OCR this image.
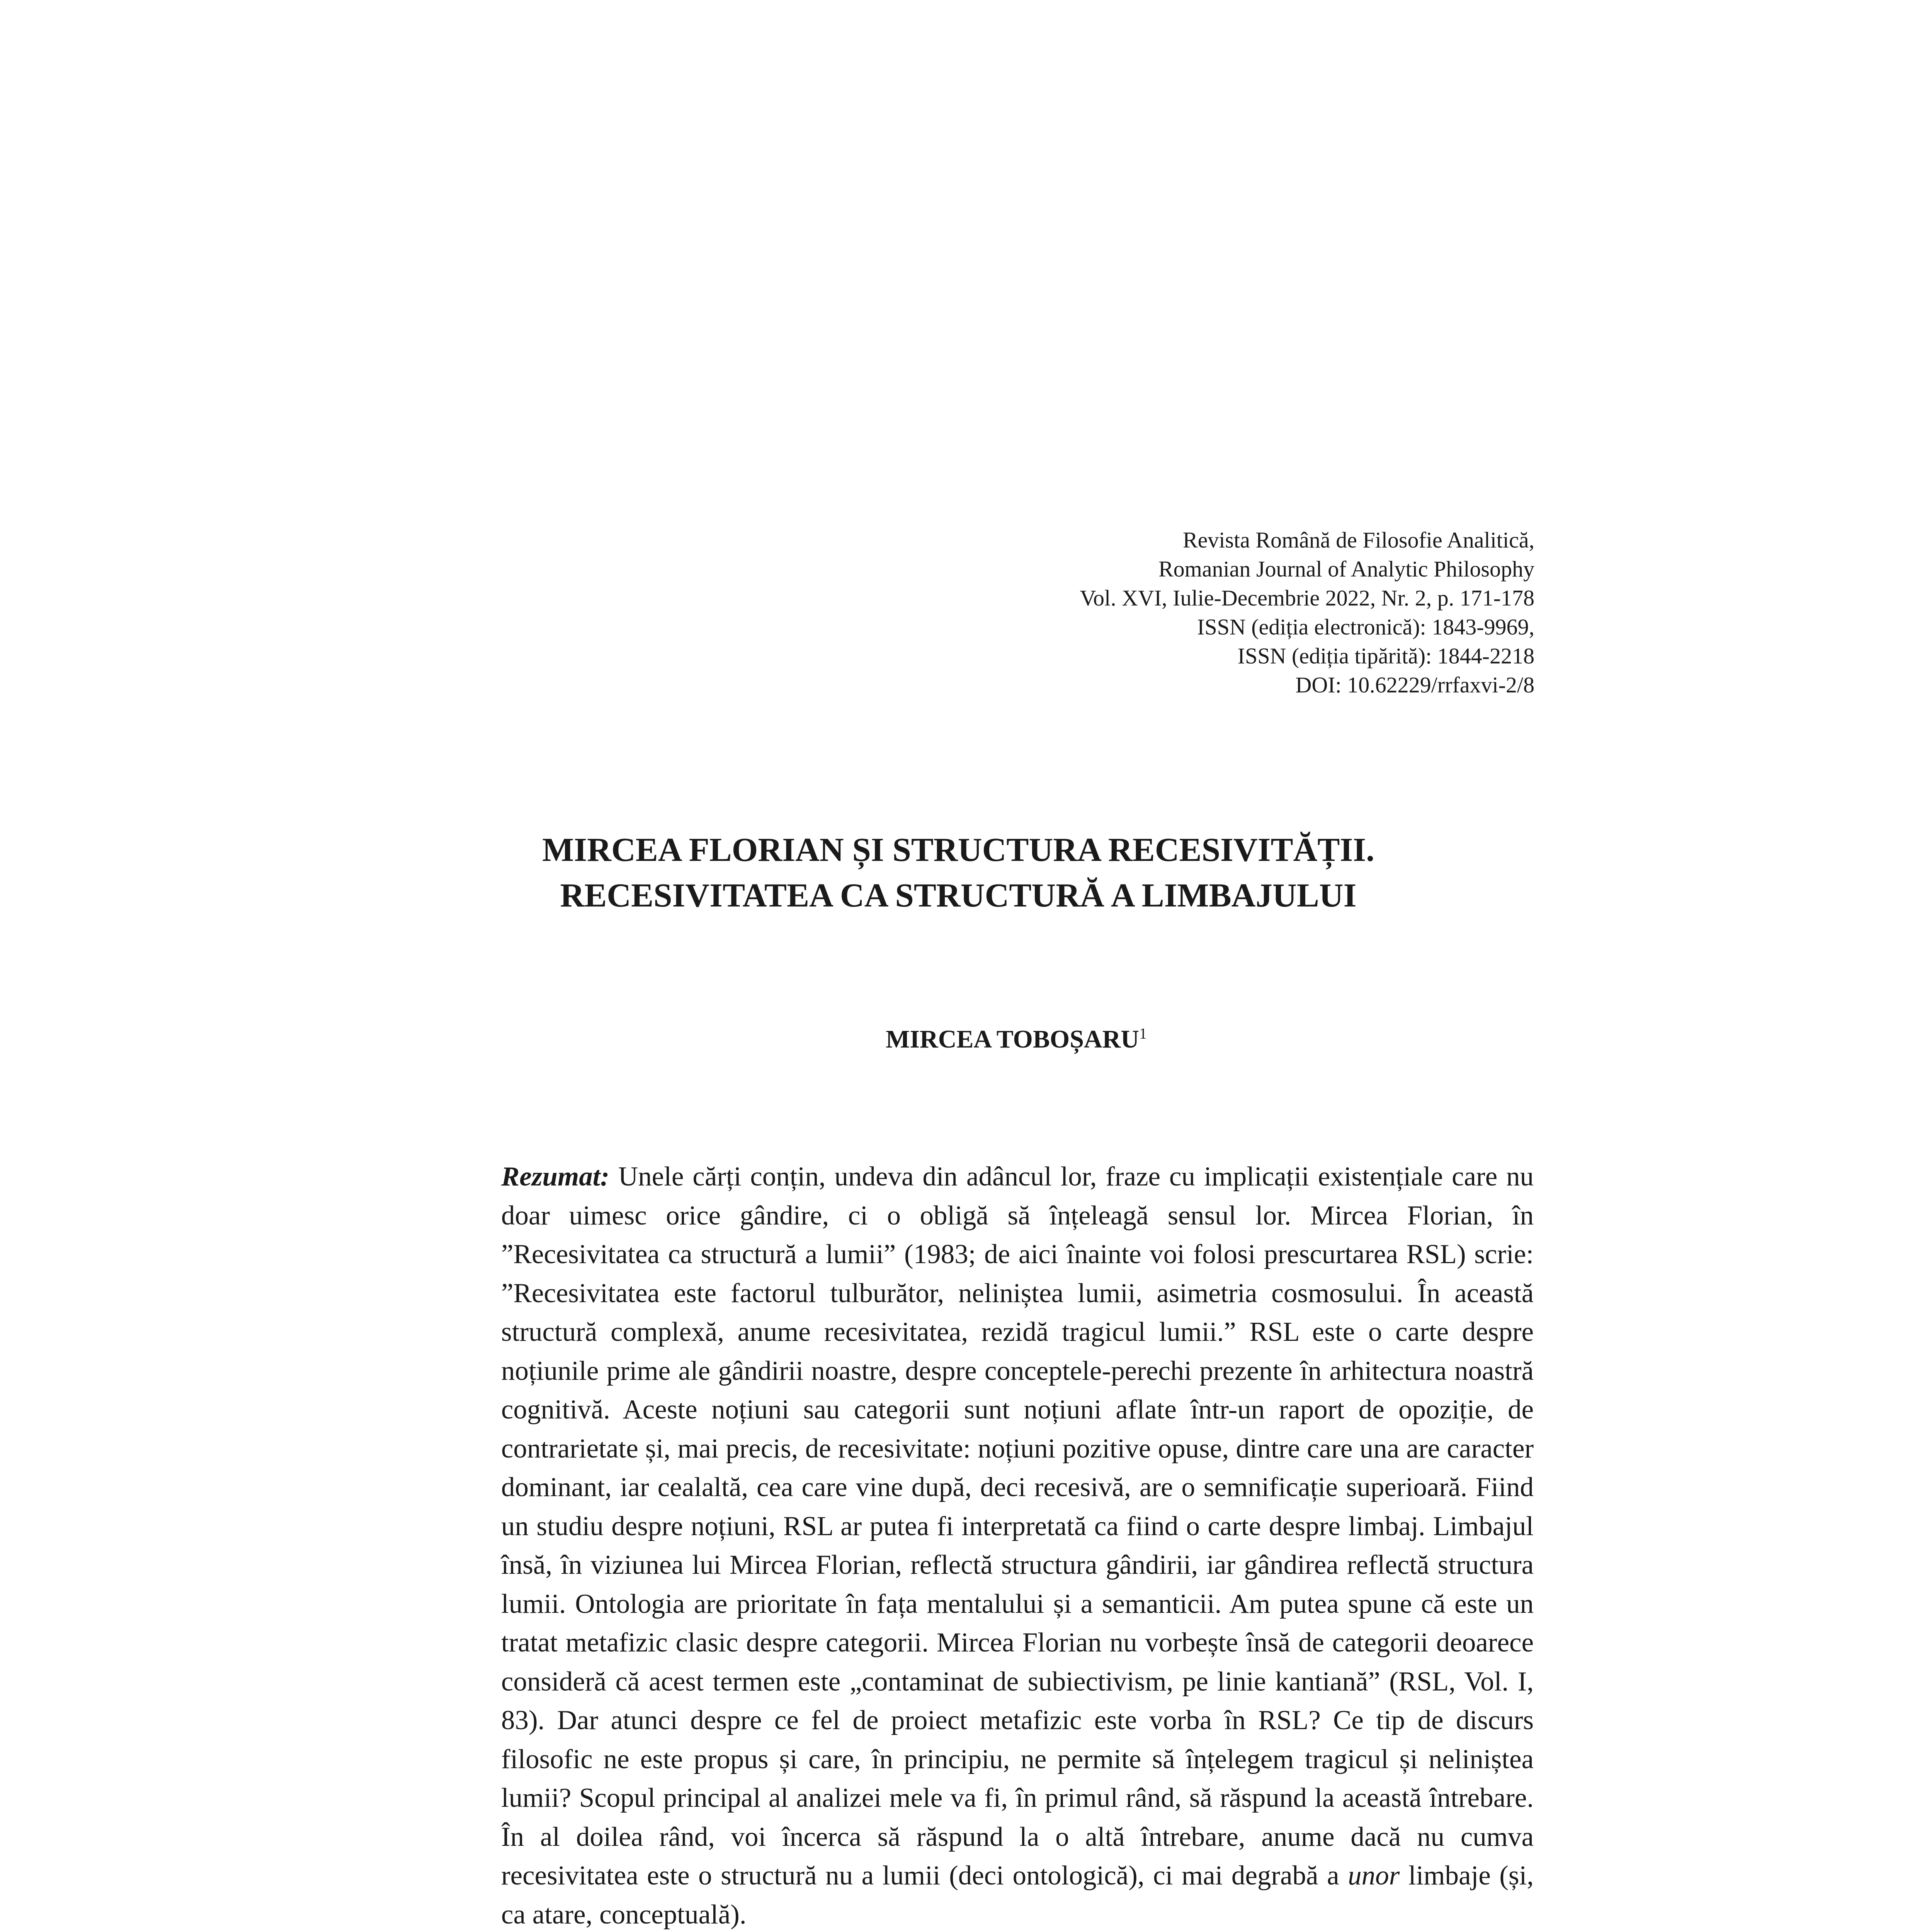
Revista Română de Filosofie Analitică,
Romanian Journal of Analytic Philosophy
Vol. XVI, Iulie-Decembrie 2022, Nr. 2, p. 171-178
ISSN (ediția electronică): 1843-9969,
ISSN (ediția tipărită): 1844-2218
DOI: 10.62229/rrfaxvi-2/8
MIRCEA FLORIAN ȘI STRUCTURA RECESIVITĂȚII.
RECESIVITATEA CA STRUCTURĂ A LIMBAJULUI
MIRCEA TOBOȘARU$^1$

Rezumat: Unele cărți conțin, undeva din adâncul lor, fraze cu implicații existențiale care nu doar uimesc orice gândire, ci o obligă să înțeleagă sensul lor. Mircea Florian, în ”Recesivitatea ca structură a lumii” (1983; de aici înainte voi folosi prescurtarea RSL) scrie: ”Recesivitatea este factorul tulburător, neliniștea lumii, asimetria cosmosului. În această structură complexă, anume recesivitatea, rezidă tragicul lumii.” RSL este o carte despre noțiunile prime ale gândirii noastre, despre conceptele-perechi prezente în arhitectura noastră cognitivă. Aceste noțiuni sau categorii sunt noțiuni aflate într-un raport de opoziție, de contrarietate și, mai precis, de recesivitate: noțiuni pozitive opuse, dintre care una are caracter dominant, iar cealaltă, cea care vine după, deci recesivă, are o semnificație superioară. Fiind un studiu despre noțiuni, RSL ar putea fi interpretată ca fiind o carte despre limbaj. Limbajul însă, în viziunea lui Mircea Florian, reflectă structura gândirii, iar gândirea reflectă structura lumii. Ontologia are prioritate în fața mentalului și a semanticii. Am putea spune că este un tratat metafizic clasic despre categorii. Mircea Florian nu vorbește însă de categorii deoarece consideră că acest termen este „contaminat de subiectivism, pe linie kantiană” (RSL, Vol. I, 83). Dar atunci despre ce fel de proiect metafizic este vorba în RSL? Ce tip de discurs filosofic ne este propus și care, în principiu, ne permite să înțelegem tragicul și neliniștea lumii? Scopul principal al analizei mele va fi, în primul rând, să răspund la această întrebare. În al doilea rând, voi încerca să răspund la o altă întrebare, anume dacă nu cumva recesivitatea este o structură nu a lumii (deci ontologică), ci mai degrabă a unor limbaje (și, ca atare, conceptuală).
